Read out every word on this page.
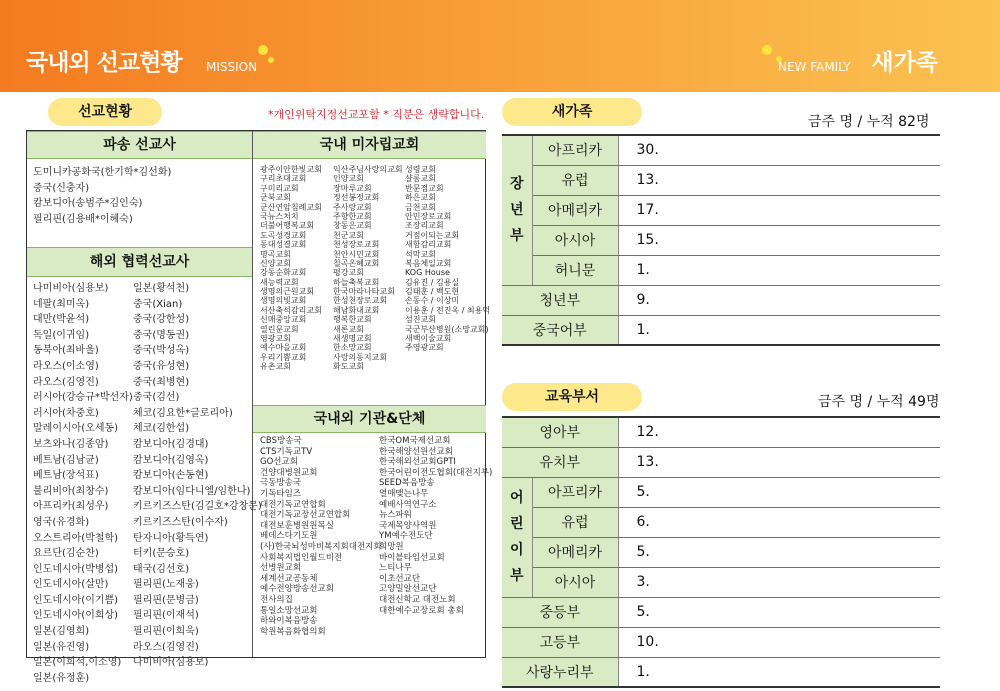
국내외 선교현황 MISSION	NEW FAMILY 새가족
선교현황	*개인위탁지정선교포함 * 직분은 생략합니다.
파송 선교사
도미니카공화국(한기학*김선화)
중국(신충자)
캄보디아(송범주*김인숙)
필리핀(김용배*이혜숙)
해외 협력선교사
나미비아(심용보)
네팔(최미옥)
대만(박윤석)
독일(이귀임)
동북아(최바울)
라오스(이소영)
라오스(김영진)
러시아(강승규*박선자)
러시아(차중호)
말레이시아(오세동)
보츠와나(김종암)
베트남(김남균)
베트남(장석표)
불리비아(최창수)
아프리카(최성우)
영국(유경화)
오스트리아(박철학)
요르단(김순찬)
인도네시아(박병섭)
인도네시아(살만)
인도네시아(이기쁨)
인도네시아(이희상)
일본(김영희)
일본(유진영)
일본(이희석,이소영)
일본(유정훈)
일본(황석천)
중국(Xian)
중국(강한성)
중국(명동권)
중국(박성옥)
중국(유성현)
중국(최병현)
중국(김선)
체코(김요한*글로리아)
체코(김한섭)
캄보디아(김경대)
캄보디아(김영옥)
캄보디아(손동현)
캄보디아(임다니엘/임한나)
키르키즈스탄(김길호*강창문)
키르키즈스탄(이수자)
탄자니아(황득연)
터키(문승호)
태국(김선호)
필리핀(노재웅)
필리핀(문병금)
필리핀(이재석)
필리핀(이희욱)
라오스(김영진)
나미비아(심용보)
국내 미자립교회
광주이안한빛교회
구리초대교회
구미리교회
군북교회
군산연암침례교회
국뉴스처치
더불어행복교회
도곡성경교회
동대성결교회
명곡교회
신양교회
강동순화교회
새능력교회
생명의근원교회
생명의빛교회
서산축석감리교회
신매중앙교회
열린문교회
영광교회
예수마을교회
우리기쁨교회
유촌교회
익산주님사랑의교회
인양교회
장마루교회
정선봉정교회
주사랑교회
주향한교회
창동은교회
천군교회
천성장로교회
천안시민교회
칠곡온혜교회
평강교회
하늘축복교회
한국마라나타교회
한성천장로교회
해남화내교회
행복한교회
새론교회
새생명교회
한소망교회
사랑의동지교회
화도교회
성령교회
샬롬교회
반문점교회
하은교회
금천교회
안민장로교회
조장리교회
거점이되는교회
새함감리교회
석막교회
복음체일교회
KOG House
김유진 / 김용실
김태훈 / 백도현
손동수 / 이상미
이용훈 / 전진옥 / 최용덕
섬진교회
국군부산병원(소망교회)
새백이술교회
주영광교회
국내외 기관&단체
CBS방송국
CTS기독교TV
GO선교회
건양대병원교회
극동방송국
기독타임즈
대전기독교연합회
대전기독교장선교연합회
대전보훈병원원목실
베데스다기도원
(사)한국뇌성마비복지회대전지회
사회복지법인월드비전
선병원교회
세계선교공동체
예수전양방송선교회
전사의집
통일소망선교회
하와이복음방송
학원복음화협의회
한국OM국제선교회
한국해양선원선교회
한국해외선교회GPTI
한국어린이전도협회(대전지부)
SEED복음방송
열매맺는나무
예배사역연구소
뉴스파워
국제목양사역원
YM예수전도단
희망원
바이블타임선교회
느티나무
이초선교단
고양밀알선교단
대전신학교 대전노회
대한예수교장로회 총회
새가족
금주 명 / 누적 82명
장
년
부	아프리카	30.
	유럽	13.
	아메리카	17.
	아시아	15.
	허니문	1.
청년부		9.
중국어부		1.
교육부서	금주 명 / 누적 49명
영아부		12.
유치부		13.
어
린
이
부	아프리카	5.
	유럽	6.
	아메리카	5.
	아시아	3.
중등부		5.
고등부		10.
사랑누리부		1.
